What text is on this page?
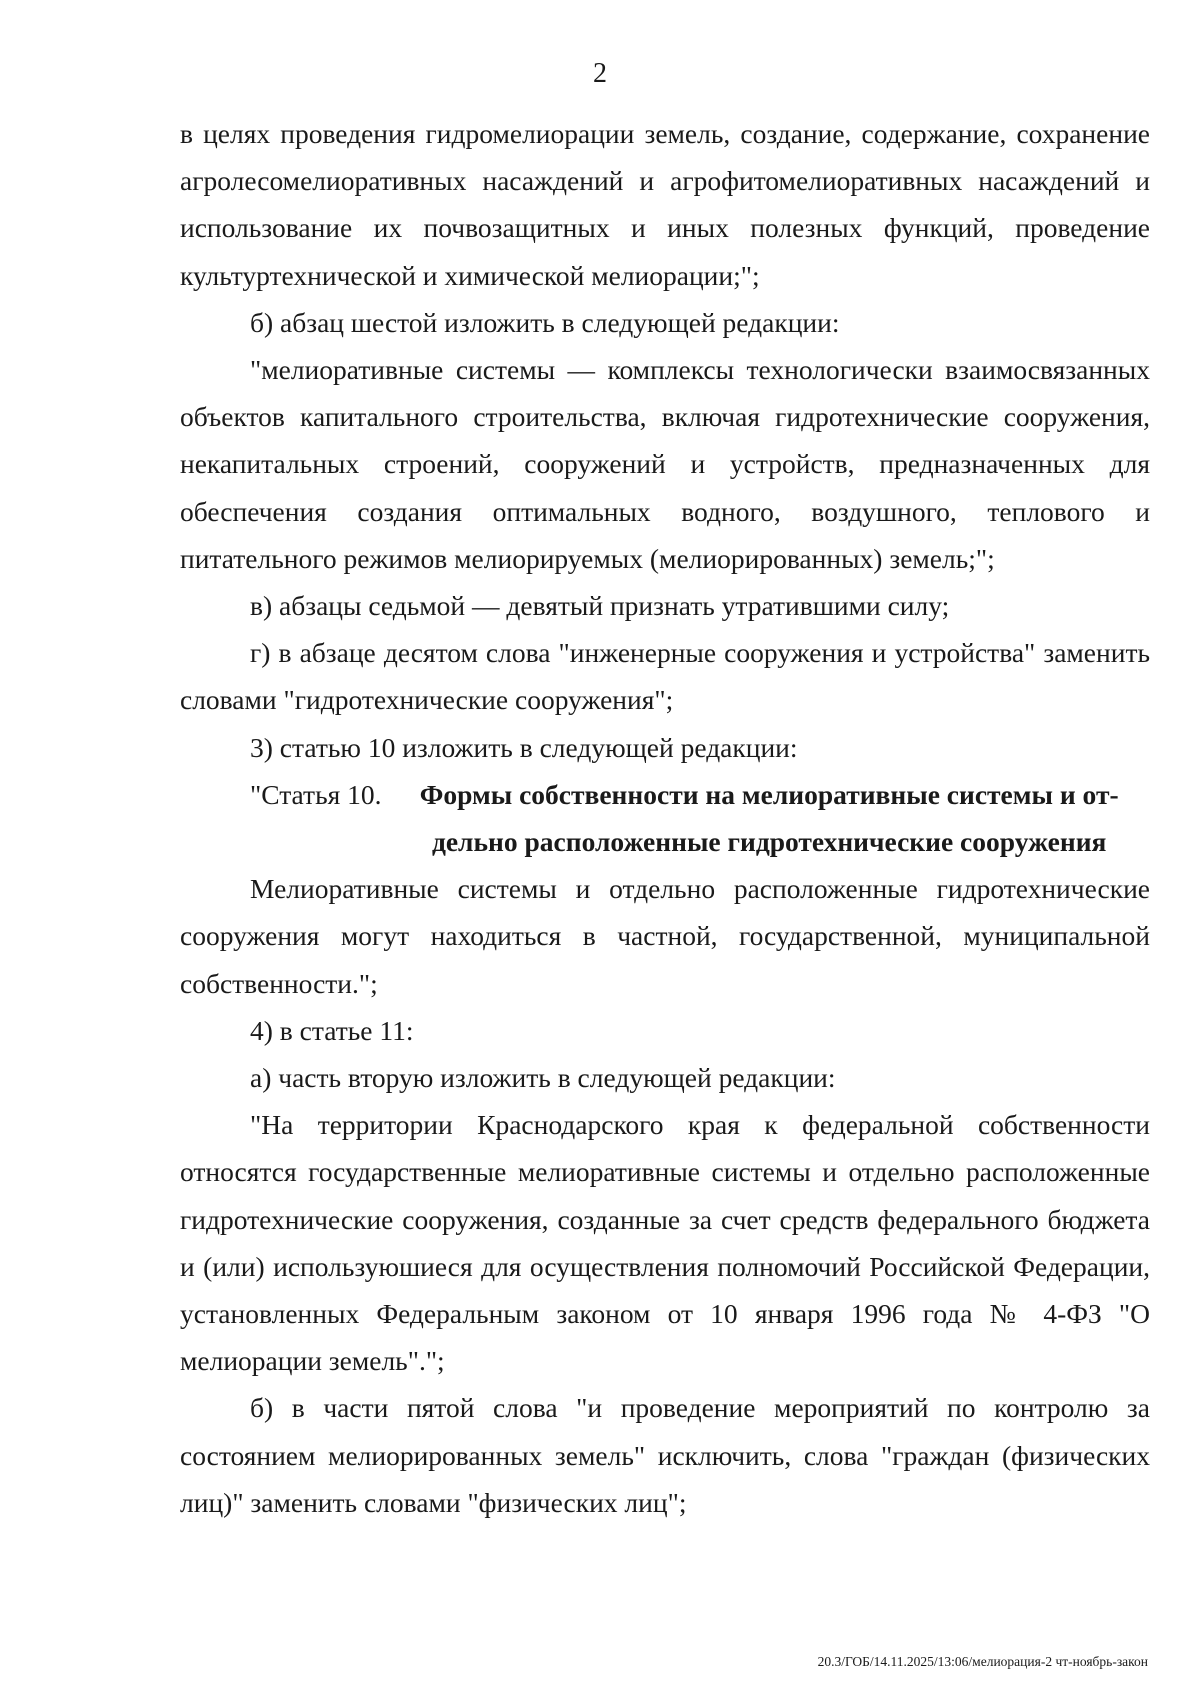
2

в целях проведения гидромелиорации земель, создание, содержание, сохранение агролесомелиоративных насаждений и агрофитомелиоративных насаждений и использование их почвозащитных и иных полезных функций, проведение культуртехнической и химической мелиорации;";

б) абзац шестой изложить в следующей редакции:

"мелиоративные системы — комплексы технологически взаимосвязанных объектов капитального строительства, включая гидротехнические сооружения, некапитальных строений, сооружений и устройств, предназначенных для обеспечения создания оптимальных водного, воздушного, теплового и питательного режимов мелиорируемых (мелиорированных) земель;";

в) абзацы седьмой — девятый признать утратившими силу;

г) в абзаце десятом слова "инженерные сооружения и устройства" заменить словами "гидротехнические сооружения";

3) статью 10 изложить в следующей редакции:

"Статья 10.	Формы собственности на мелиоративные системы и от-
дельно расположенные гидротехнические сооружения

Мелиоративные системы и отдельно расположенные гидротехнические сооружения могут находиться в частной, государственной, муниципальной собственности.";

4) в статье 11:

а) часть вторую изложить в следующей редакции:

"На территории Краснодарского края к федеральной собственности относятся государственные мелиоративные системы и отдельно расположенные гидротехнические сооружения, созданные за счет средств федерального бюджета и (или) используюшиеся для осуществления полномочий Российской Федерации, установленных Федеральным законом от 10 января 1996 года № 4-ФЗ "О мелиорации земель".";

б) в части пятой слова "и проведение мероприятий по контролю за состоянием мелиорированных земель" исключить, слова "граждан (физических лиц)" заменить словами "физических лиц";

20.3/ГОБ/14.11.2025/13:06/мелиорация-2 чт-ноябрь-закон
